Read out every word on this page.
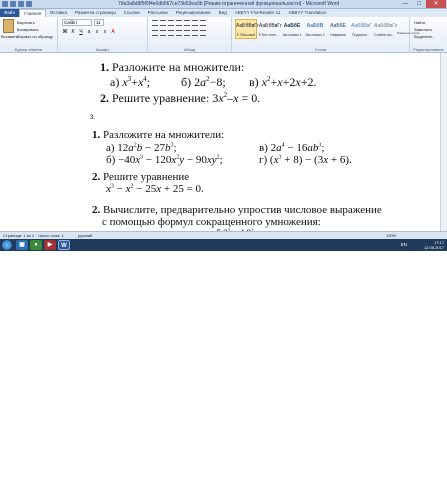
7da3a8d8f5f0f4e0db567ce73b53ea0b [Режим ограниченной функциональности] - Microsoft Word	—	□	✕
Файл	Главная	Вставка	Разметка страницы	Ссылки	Рассылки	Рецензирование	Вид	ABBYY FineReader 11	ABBYY Translation
Вставить
Вырезать
Копировать
Формат по образцу
Буфер обмена
Calibri	11
Ж К Ч a	x	x	A
Шрифт	Абзац
АаБбВвГг
¶ Обычный
АаБбВвГг
¶ Без инте...
АаБбЕ
Заголовок 1
АаБбВ
Заголовок 2
АаБбЕ
Название
АаБбВвГ
Подзагол...
АаБбВвГг
Слабое вы... Изменить стили
Стили
Найти
Заменить
Выделить
Редактирование
1. Разложите на множители:
а) $x^3+x^4$;	б) $2a^2-8$; в) $x^2+x+2x+2$.
2. Решите уравнение: $3x^2-x = 0$.
3.
1. Разложите на множители:
а) $12a^2b - 27b^3$;	в) $2a^4 - 16ab^3$;
$б) -40x^3 - 120x^2y - 90xy^2$;	г) $(x^3 + 8) - (3x + 6)$.
2. Решите уравнение
$x^3 - x^2 - 25x + 25 = 0$.
2. Вычислите, предварительно упростив числовое выражение
с помощью формул сокращенного умножения:
Страница: 1 из 1 Число слов: 1	русский	100%
▣	●	▶	W	EN	17:17
12.06.2017
